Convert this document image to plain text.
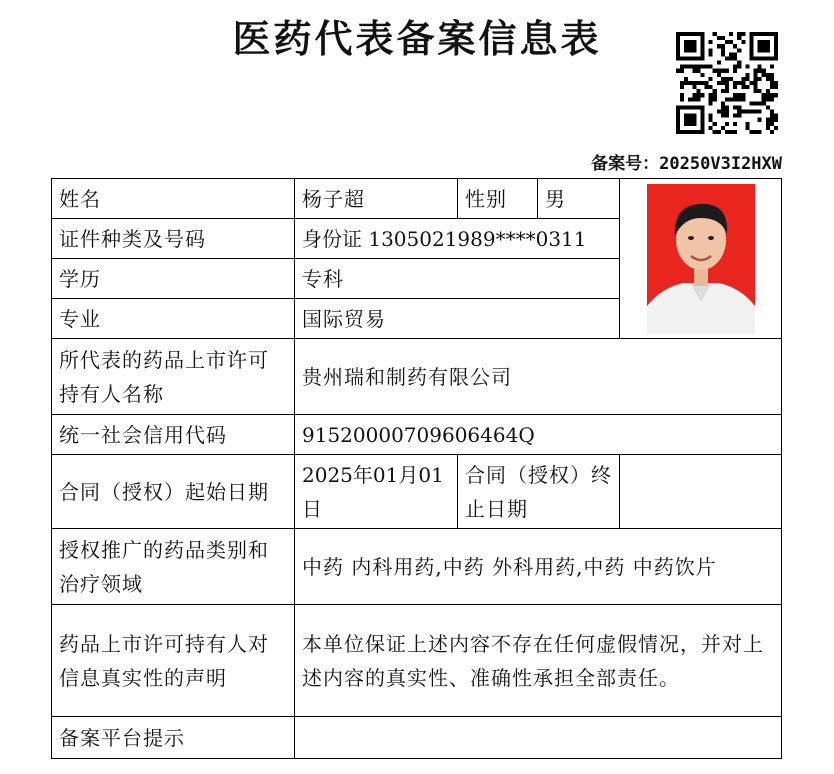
医药代表备案信息表
备案号：20250V3I2HXW
姓名	杨子超	性别	男	
证件种类及号码	身份证 1305021989****0311			
学历	专科			
专业	国际贸易			
所代表的药品上市许可持有人名称	贵州瑞和制药有限公司			
统一社会信用代码	91520000709606464Q			
合同（授权）起始日期	2025年01月01日	合同（授权）终止日期		
授权推广的药品类别和治疗领域	中药 内科用药,中药 外科用药,中药 中药饮片			
药品上市许可持有人对信息真实性的声明	本单位保证上述内容不存在任何虚假情况，并对上述内容的真实性、准确性承担全部责任。			
备案平台提示				
